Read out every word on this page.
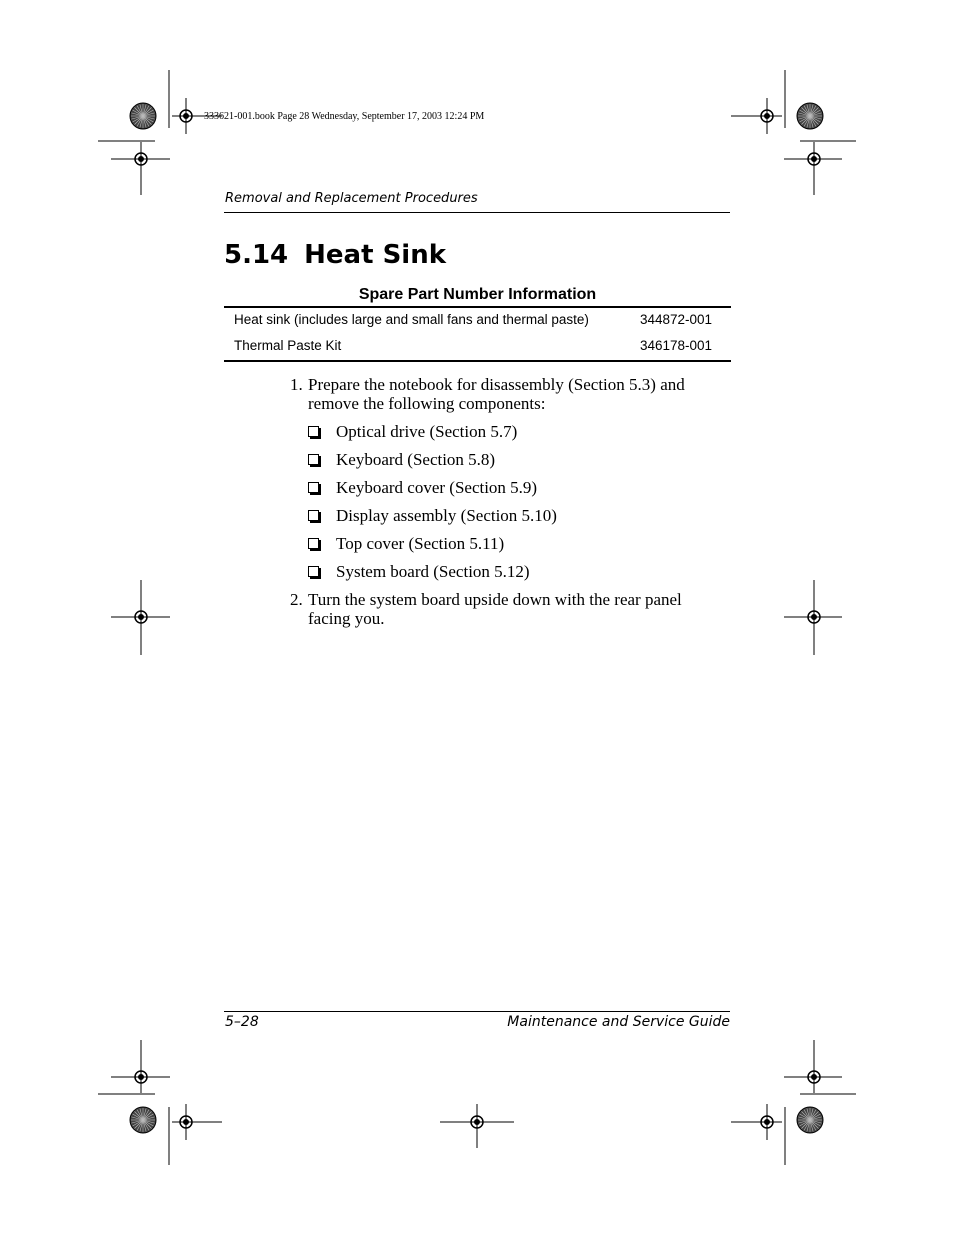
333621-001.book Page 28 Wednesday, September 17, 2003 12:24 PM
Removal and Replacement Procedures
5.14 Heat Sink
Spare Part Number Information
Heat sink (includes large and small fans and thermal paste)	344872-001
Thermal Paste Kit	346178-001
1. Prepare the notebook for disassembly (Section 5.3) and remove the following components:
Optical drive (Section 5.7)
Keyboard (Section 5.8)
Keyboard cover (Section 5.9)
Display assembly (Section 5.10)
Top cover (Section 5.11)
System board (Section 5.12)
2. Turn the system board upside down with the rear panel facing you.
5–28	Maintenance and Service Guide
